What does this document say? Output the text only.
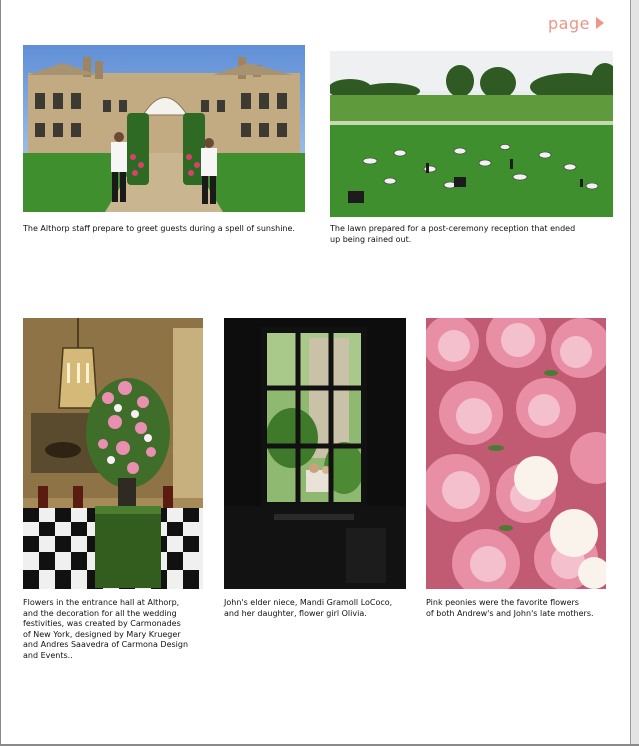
page
The Althorp staff prepare to greet guests during a spell of sunshine.	The lawn prepared for a post-ceremony reception that ended
up being rained out.
Flowers in the entrance hall at Althorp,
and the decoration for all the wedding
festivities, was created by Carmonades
of New York, designed by Mary Krueger
and Andres Saavedra of Carmona Design
and Events..
John's elder niece, Mandi Gramoll LoCoco,
and her daughter, flower girl Olivia.
Pink peonies were the favorite flowers
of both Andrew's and John's late mothers.
